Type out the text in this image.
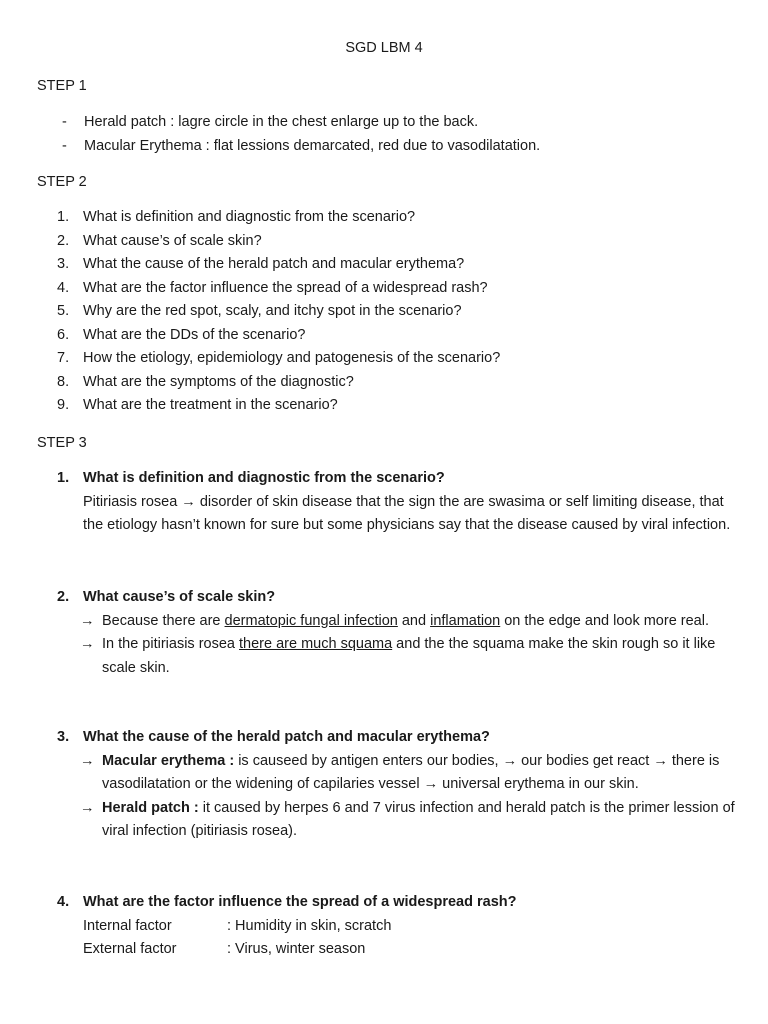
SGD LBM 4
STEP 1
-	Herald patch : lagre circle in the chest enlarge up to the back.
-	Macular Erythema : flat lessions demarcated, red due to vasodilatation.
STEP 2
1. What is definition and diagnostic from the scenario?
2. What cause’s of scale skin?
3. What the cause of the herald patch and macular erythema?
4. What are the factor influence the spread of a widespread rash?
5. Why are the red spot, scaly, and itchy spot in the scenario?
6. What are the DDs of the scenario?
7. How the etiology, epidemiology and patogenesis of the scenario?
8. What are the symptoms of the diagnostic?
9. What are the treatment in the scenario?
STEP 3
1. What is definition and diagnostic from the scenario?
Pitiriasis rosea → disorder of skin disease that the sign the are swasima or self limiting disease, that the etiology hasn’t known for sure but some physicians say that the disease caused by viral infection.
2. What cause’s of scale skin?
→ Because there are dermatopic fungal infection and inflamation on the edge and look more real.
→ In the pitiriasis rosea there are much squama and the the squama make the skin rough so it like scale skin.
3. What the cause of the herald patch and macular erythema?
→ Macular erythema : is causeed by antigen enters our bodies, → our bodies get react → there is vasodilatation or the widening of capilaries vessel → universal erythema in our skin.
→ Herald patch : it caused by herpes 6 and 7 virus infection and herald patch is the primer lession of viral infection (pitiriasis rosea).
4. What are the factor influence the spread of a widespread rash?
Internal factor	: Humidity in skin, scratch
External factor	: Virus, winter season
